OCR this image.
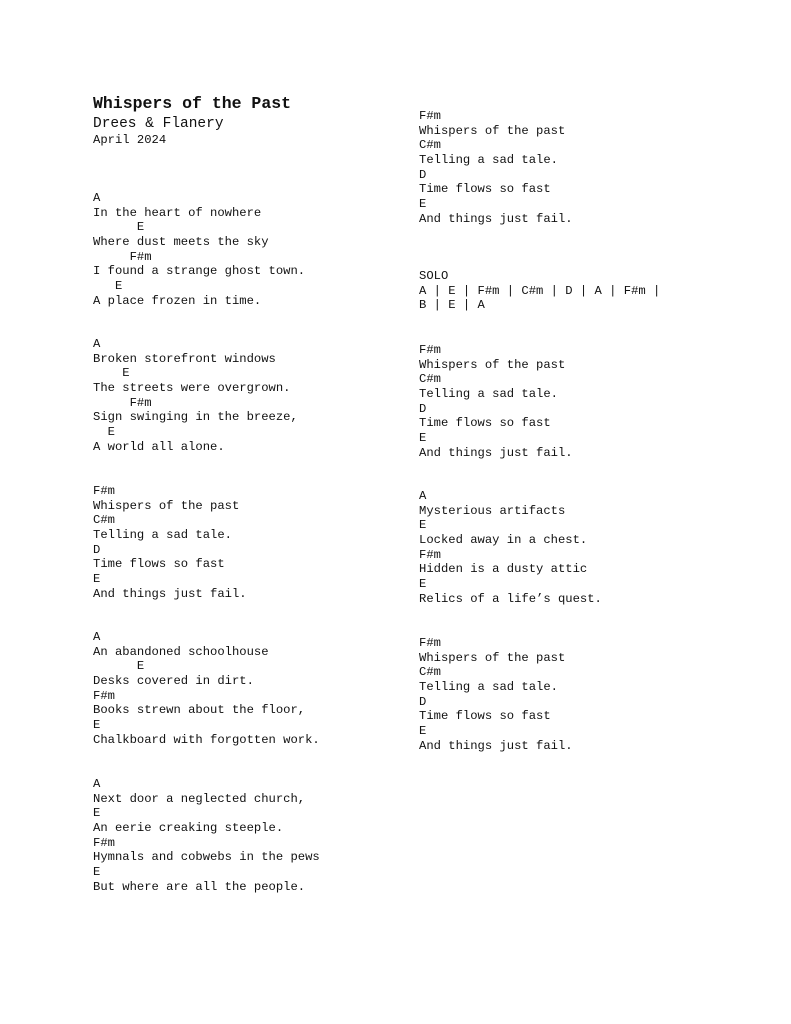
Whispers of the Past
Drees & Flanery
April 2024
A
In the heart of nowhere
E
Where dust meets the sky
F#m
I found a strange ghost town.
E
A place frozen in time.
A
Broken storefront windows
E
The streets were overgrown.
F#m
Sign swinging in the breeze,
E
A world all alone.
F#m
Whispers of the past
C#m
Telling a sad tale.
D
Time flows so fast
E
And things just fail.
A
An abandoned schoolhouse
E
Desks covered in dirt.
F#m
Books strewn about the floor,
E
Chalkboard with forgotten work.
A
Next door a neglected church,
E
An eerie creaking steeple.
F#m
Hymnals and cobwebs in the pews
E
But where are all the people.
F#m
Whispers of the past
C#m
Telling a sad tale.
D
Time flows so fast
E
And things just fail.
SOLO
A | E | F#m | C#m | D | A | F#m |
B | E | A
F#m
Whispers of the past
C#m
Telling a sad tale.
D
Time flows so fast
E
And things just fail.
A
Mysterious artifacts
E
Locked away in a chest.
F#m
Hidden is a dusty attic
E
Relics of a life’s quest.
F#m
Whispers of the past
C#m
Telling a sad tale.
D
Time flows so fast
E
And things just fail.
